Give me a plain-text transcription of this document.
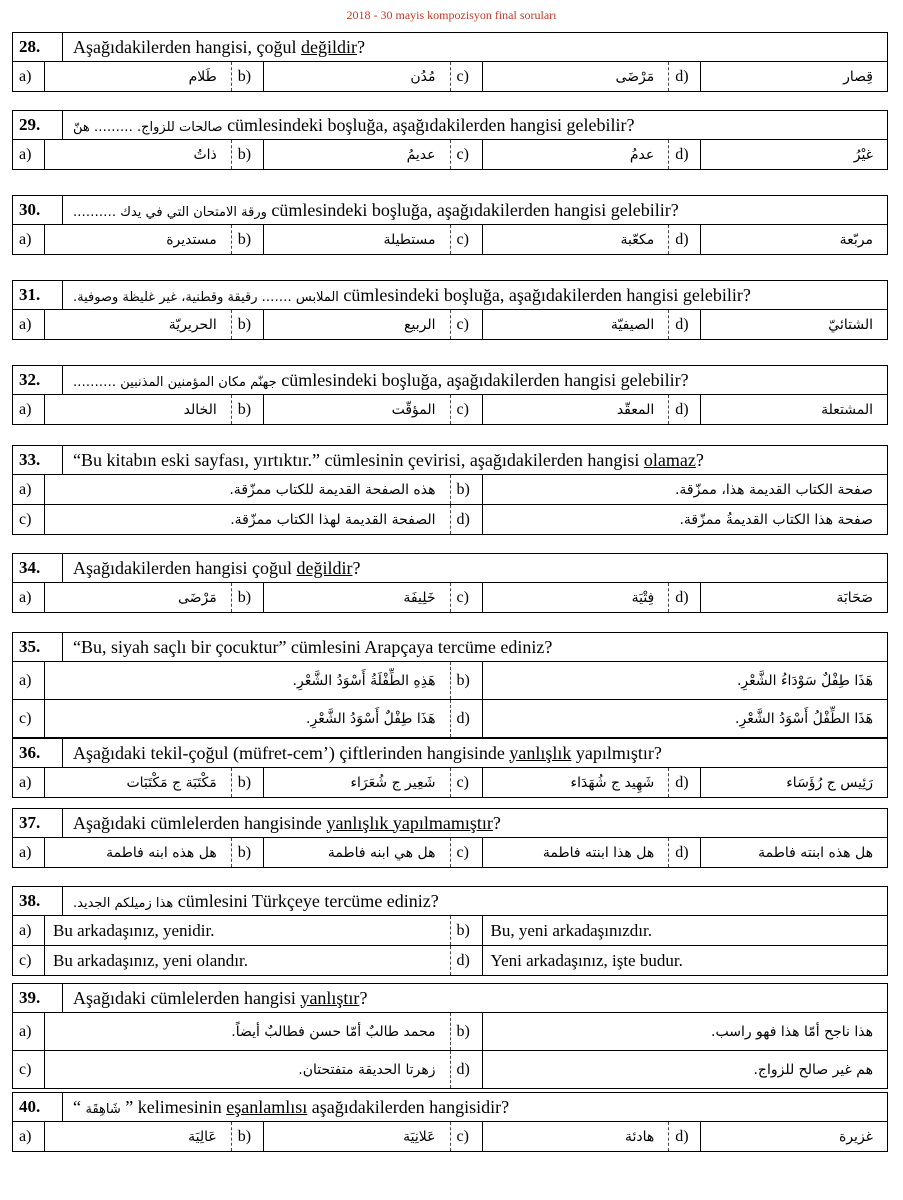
2018 - 30 mayis kompozisyon final soruları
28.	Aşağıdakilerden hangisi, çoğul değildir?
a)	طَلام	b)	مُدُن	c)	مَرْضَى	d)	قِصار
29.	صالحات للزواج. ……… هنّ cümlesindeki boşluğa, aşağıdakilerden hangisi gelebilir?
a)	ذاتُ	b)	عديمُ	c)	عدمُ	d)	غيْرُ
30.	ورقة الامتحان التي في يدك ………. cümlesindeki boşluğa, aşağıdakilerden hangisi gelebilir?
a)	مستديرة	b)	مستطيلة	c)	مكعّبة	d)	مربّعة
31.	الملابس ……. رقيقة وقطنية، غير غليظة وصوفية. cümlesindeki boşluğa, aşağıdakilerden hangisi gelebilir?
a)	الحريريّة	b)	الربيع	c)	الصيفيّة	d)	الشتائيّ
32.	جهنّم مكان المؤمنين المذنبين ………. cümlesindeki boşluğa, aşağıdakilerden hangisi gelebilir?
a)	الخالد	b)	المؤقّت	c)	المعقّد	d)	المشتعلة
33.	“Bu kitabın eski sayfası, yırtıktır.” cümlesinin çevirisi, aşağıdakilerden hangisi olamaz?
a)	هذه الصفحة القديمة للكتاب ممزّقة.	b)	صفحة الكتاب القديمة هذا، ممزّقة.
c)	الصفحة القديمة لهذا الكتاب ممزّقة.	d)	صفحة هذا الكتاب القديمةُ ممزّقة.
34.	Aşağıdakilerden hangisi çoğul değildir?
a)	مَرْضَى	b)	خَلِيفَة	c)	فِتْيَة	d)	صَحَابَة
35.	“Bu, siyah saçlı bir çocuktur” cümlesini Arapçaya tercüme ediniz?
a)	هَذِهِ الطِّفْلَةُ أَسْوَدُ الشَّعْرِ.	b)	هَذَا طِفْلٌ سَوْدَاءُ الشَّعْرِ.
c)	هَذَا طِفْلٌ أَسْوَدُ الشَّعْرِ.	d)	هَذَا الطِّفْلُ أَسْوَدُ الشَّعْرِ.
36.	Aşağıdaki tekil-çoğul (müfret-cem’) çiftlerinden hangisinde yanlışlık yapılmıştır?
a)	مَكْتَبَة ج مَكْتَبَات	b)	شَعِير ج شُعَرَاء	c)	شَهِيد ج شُهَدَاء	d)	رَئِيس ج رُؤَسَاء
37.	Aşağıdaki cümlelerden hangisinde yanlışlık yapılmamıştır?
a)	هل هذه ابنه فاطمة	b)	هل هي ابنه فاطمة	c)	هل هذا ابنته فاطمة	d)	هل هذه ابنته فاطمة
38.	هذا زميلكم الجديد. cümlesini Türkçeye tercüme ediniz?
a)	Bu arkadaşınız, yenidir.	b)	Bu, yeni arkadaşınızdır.
c)	Bu arkadaşınız, yeni olandır.	d)	Yeni arkadaşınız, işte budur.
39.	Aşağıdaki cümlelerden hangisi yanlıştır?
a)	محمد طالبٌ أمّا حسن فطالبٌ أيضاً.	b)	هذا ناجح أمّا هذا فهو راسب.
c)	زهرتا الحديقة متفتحتان.	d)	هم غير صالح للزواج.
40.	“ شَاهِقَة ” kelimesinin eşanlamlısı aşağıdakilerden hangisidir?
a)	عَالِيَة	b)	عَلانِيَة	c)	هادئة	d)	غزيرة
